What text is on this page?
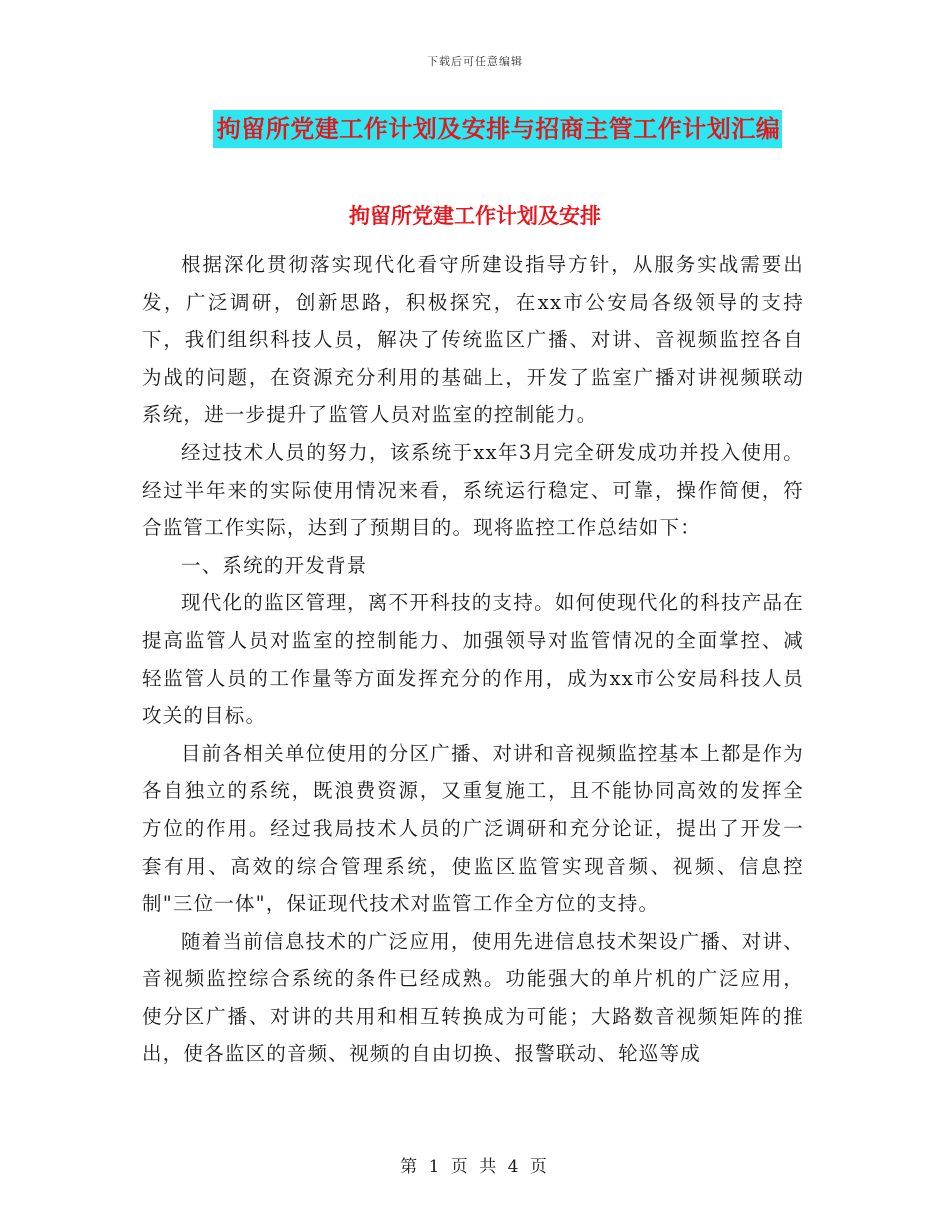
下载后可任意编辑
拘留所党建工作计划及安排与招商主管工作计划汇编
拘留所党建工作计划及安排

根据深化贯彻落实现代化看守所建设指导方针，从服务实战需要出发，广泛调研，创新思路，积极探究，在xx市公安局各级领导的支持下，我们组织科技人员，解决了传统监区广播、对讲、音视频监控各自为战的问题，在资源充分利用的基础上，开发了监室广播对讲视频联动系统，进一步提升了监管人员对监室的控制能力。

经过技术人员的努力，该系统于xx年3月完全研发成功并投入使用。经过半年来的实际使用情况来看，系统运行稳定、可靠，操作简便，符合监管工作实际，达到了预期目的。现将监控工作总结如下：

一、系统的开发背景

现代化的监区管理，离不开科技的支持。如何使现代化的科技产品在提高监管人员对监室的控制能力、加强领导对监管情况的全面掌控、减轻监管人员的工作量等方面发挥充分的作用，成为xx市公安局科技人员攻关的目标。

目前各相关单位使用的分区广播、对讲和音视频监控基本上都是作为各自独立的系统，既浪费资源，又重复施工，且不能协同高效的发挥全方位的作用。经过我局技术人员的广泛调研和充分论证，提出了开发一套有用、高效的综合管理系统，使监区监管实现音频、视频、信息控制"三位一体"，保证现代技术对监管工作全方位的支持。

随着当前信息技术的广泛应用，使用先进信息技术架设广播、对讲、音视频监控综合系统的条件已经成熟。功能强大的单片机的广泛应用，使分区广播、对讲的共用和相互转换成为可能；大路数音视频矩阵的推出，使各监区的音频、视频的自由切换、报警联动、轮巡等成

第 1 页 共 4 页
